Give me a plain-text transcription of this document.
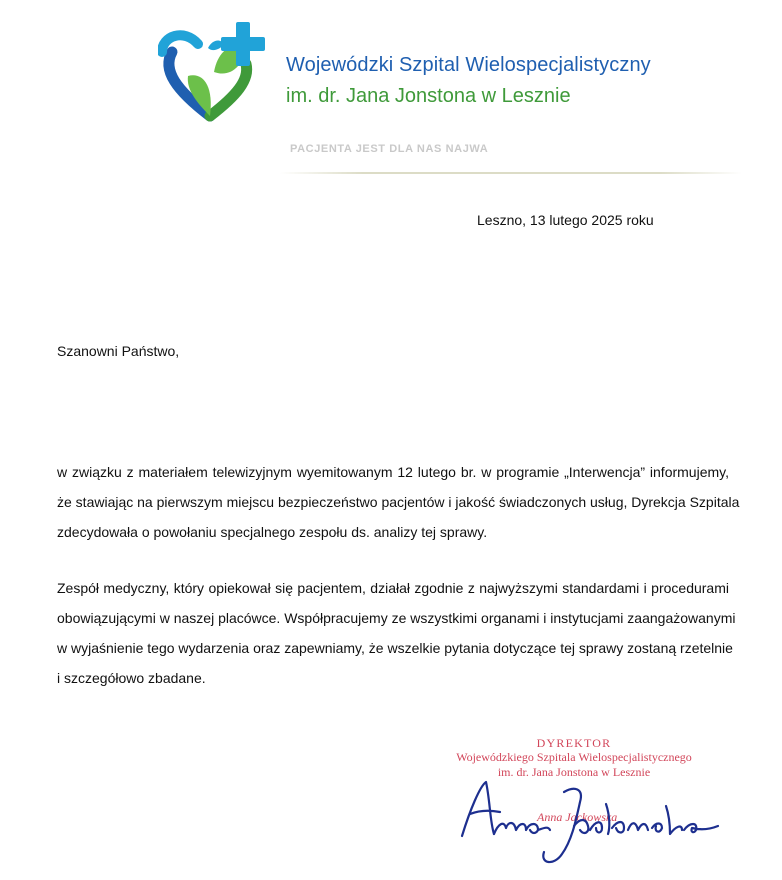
Wojewódzki Szpital Wielospecjalistyczny
im. dr. Jana Jonstona w Lesznie
PACJENTA JEST DLA NAS NAJWA
Leszno, 13 lutego 2025 roku
Szanowni Państwo,
w związku z materiałem telewizyjnym wyemitowanym 12 lutego br. w programie „Interwencja” informujemy,
że stawiając na pierwszym miejscu bezpieczeństwo pacjentów i jakość świadczonych usług, Dyrekcja Szpitala
zdecydowała o powołaniu specjalnego zespołu ds. analizy tej sprawy.
Zespół medyczny, który opiekował się pacjentem, działał zgodnie z najwyższymi standardami i procedurami
obowiązującymi w naszej placówce. Współpracujemy ze wszystkimi organami i instytucjami zaangażowanymi
w wyjaśnienie tego wydarzenia oraz zapewniamy, że wszelkie pytania dotyczące tej sprawy zostaną rzetelnie
i szczegółowo zbadane.
DYREKTOR
Wojewódzkiego Szpitala Wielospecjalistycznego
im. dr. Jana Jonstona w Lesznie
Anna Jackowska
